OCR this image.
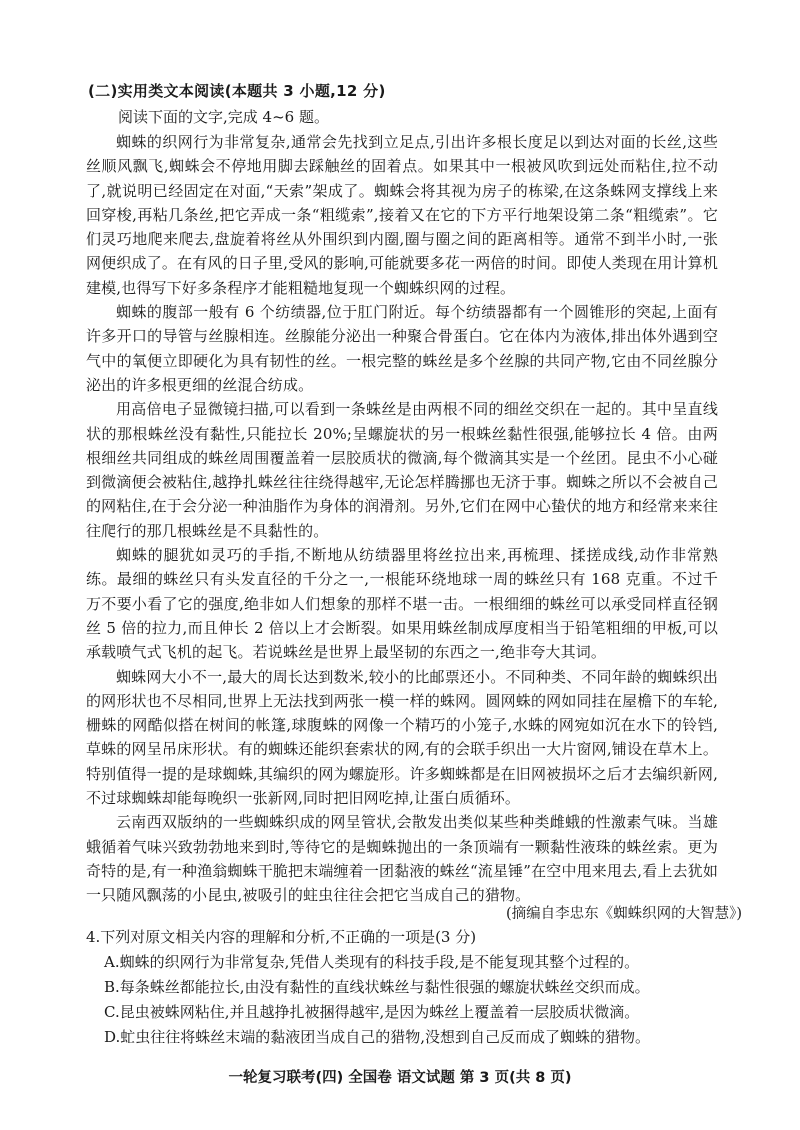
(二)实用类文本阅读(本题共 3 小题,12 分)
阅读下面的文字,完成 4~6 题。

蜘蛛的织网行为非常复杂,通常会先找到立足点,引出许多根长度足以到达对面的长丝,这些丝顺风飘飞,蜘蛛会不停地用脚去踩触丝的固着点。如果其中一根被风吹到远处而粘住,拉不动了,就说明已经固定在对面,“天索”架成了。蜘蛛会将其视为房子的栋梁,在这条蛛网支撑线上来回穿梭,再粘几条丝,把它弄成一条“粗缆索”,接着又在它的下方平行地架设第二条“粗缆索”。它们灵巧地爬来爬去,盘旋着将丝从外围织到内圈,圈与圈之间的距离相等。通常不到半小时,一张网便织成了。在有风的日子里,受风的影响,可能就要多花一两倍的时间。即使人类现在用计算机建模,也得写下好多条程序才能粗糙地复现一个蜘蛛织网的过程。

蜘蛛的腹部一般有 6 个纺绩器,位于肛门附近。每个纺绩器都有一个圆锥形的突起,上面有许多开口的导管与丝腺相连。丝腺能分泌出一种聚合骨蛋白。它在体内为液体,排出体外遇到空气中的氧便立即硬化为具有韧性的丝。一根完整的蛛丝是多个丝腺的共同产物,它由不同丝腺分泌出的许多根更细的丝混合纺成。

用高倍电子显微镜扫描,可以看到一条蛛丝是由两根不同的细丝交织在一起的。其中呈直线状的那根蛛丝没有黏性,只能拉长 20%;呈螺旋状的另一根蛛丝黏性很强,能够拉长 4 倍。由两根细丝共同组成的蛛丝周围覆盖着一层胶质状的微滴,每个微滴其实是一个丝团。昆虫不小心碰到微滴便会被粘住,越挣扎蛛丝往往绕得越牢,无论怎样腾挪也无济于事。蜘蛛之所以不会被自己的网粘住,在于会分泌一种油脂作为身体的润滑剂。另外,它们在网中心蛰伏的地方和经常来来往往爬行的那几根蛛丝是不具黏性的。

蜘蛛的腿犹如灵巧的手指,不断地从纺绩器里将丝拉出来,再梳理、揉搓成线,动作非常熟练。最细的蛛丝只有头发直径的千分之一,一根能环绕地球一周的蛛丝只有 168 克重。不过千万不要小看了它的强度,绝非如人们想象的那样不堪一击。一根细细的蛛丝可以承受同样直径钢丝 5 倍的拉力,而且伸长 2 倍以上才会断裂。如果用蛛丝制成厚度相当于铅笔粗细的甲板,可以承载喷气式飞机的起飞。若说蛛丝是世界上最坚韧的东西之一,绝非夸大其词。

蜘蛛网大小不一,最大的周长达到数米,较小的比邮票还小。不同种类、不同年龄的蜘蛛织出的网形状也不尽相同,世界上无法找到两张一模一样的蛛网。圆网蛛的网如同挂在屋檐下的车轮,栅蛛的网酷似搭在树间的帐篷,球腹蛛的网像一个精巧的小笼子,水蛛的网宛如沉在水下的铃铛,草蛛的网呈吊床形状。有的蜘蛛还能织套索状的网,有的会联手织出一大片窗网,铺设在草木上。特别值得一提的是球蜘蛛,其编织的网为螺旋形。许多蜘蛛都是在旧网被损坏之后才去编织新网,不过球蜘蛛却能每晚织一张新网,同时把旧网吃掉,让蛋白质循环。

云南西双版纳的一些蜘蛛织成的网呈管状,会散发出类似某些种类雌蛾的性激素气味。当雄蛾循着气味兴致勃勃地来到时,等待它的是蜘蛛抛出的一条顶端有一颗黏性液珠的蛛丝索。更为奇特的是,有一种渔翁蜘蛛干脆把末端缠着一团黏液的蛛丝“流星锤”在空中甩来甩去,看上去犹如一只随风飘荡的小昆虫,被吸引的蛀虫往往会把它当成自己的猎物。

(摘编自李忠东《蜘蛛织网的大智慧》)

4.下列对原文相关内容的理解和分析,不正确的一项是(3 分)

A.蜘蛛的织网行为非常复杂,凭借人类现有的科技手段,是不能复现其整个过程的。

B.每条蛛丝都能拉长,由没有黏性的直线状蛛丝与黏性很强的螺旋状蛛丝交织而成。

C.昆虫被蛛网粘住,并且越挣扎被捆得越牢,是因为蛛丝上覆盖着一层胶质状微滴。

D.虻虫往往将蛛丝末端的黏液团当成自己的猎物,没想到自己反而成了蜘蛛的猎物。

一轮复习联考(四) 全国卷 语文试题 第 3 页(共 8 页)
